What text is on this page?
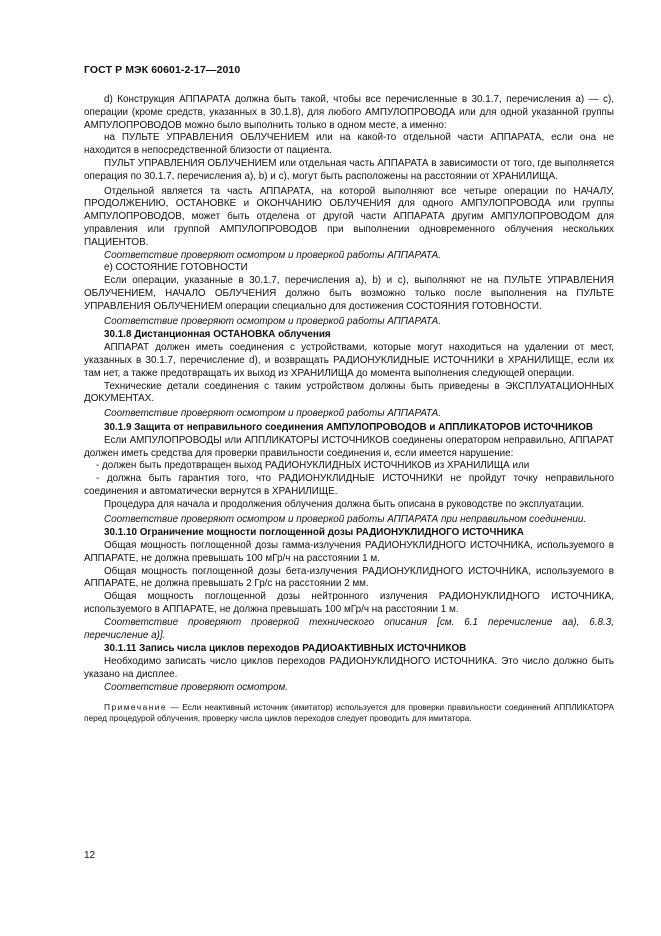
ГОСТ Р МЭК 60601-2-17—2010

d) Конструкция АППАРАТА должна быть такой, чтобы все перечисленные в 30.1.7, перечисления а) — с), операции (кроме средств, указанных в 30.1.8), для любого АМПУЛОПРОВОДА или для одной указанной группы АМПУЛОПРОВОДОВ можно было выполнить только в одном месте, а именно:

на ПУЛЬТЕ УПРАВЛЕНИЯ ОБЛУЧЕНИЕМ или на какой-то отдельной части АППАРАТА, если она не находится в непосредственной близости от пациента.

ПУЛЬТ УПРАВЛЕНИЯ ОБЛУЧЕНИЕМ или отдельная часть АППАРАТА в зависимости от того, где выполняется операция по 30.1.7, перечисления а), b) и с), могут быть расположены на расстоянии от ХРАНИЛИЩА.

Отдельной является та часть АППАРАТА, на которой выполняют все четыре операции по НАЧАЛУ, ПРОДОЛЖЕНИЮ, ОСТАНОВКЕ и ОКОНЧАНИЮ ОБЛУЧЕНИЯ для одного АМПУЛОПРОВОДА или группы АМПУЛОПРОВОДОВ, может быть отделена от другой части АППАРАТА другим АМПУЛОПРОВОДОМ для управления или группой АМПУЛОПРОВОДОВ при выполнении одновременного облучения нескольких ПАЦИЕНТОВ.

Соответствие проверяют осмотром и проверкой работы АППАРАТА.

е) СОСТОЯНИЕ ГОТОВНОСТИ

Если операции, указанные в 30.1.7, перечисления а), b) и с), выполняют не на ПУЛЬТЕ УПРАВЛЕНИЯ ОБЛУЧЕНИЕМ, НАЧАЛО ОБЛУЧЕНИЯ должно быть возможно только после выполнения на ПУЛЬТЕ УПРАВЛЕНИЯ ОБЛУЧЕНИЕМ операции специально для достижения СОСТОЯНИЯ ГОТОВНОСТИ.

Соответствие проверяют осмотром и проверкой работы АППАРАТА.

30.1.8 Дистанционная ОСТАНОВКА облучения

АППАРАТ должен иметь соединения с устройствами, которые могут находиться на удалении от мест, указанных в 30.1.7, перечисление d), и возвращать РАДИОНУКЛИДНЫЕ ИСТОЧНИКИ в ХРАНИЛИЩЕ, если их там нет, а также предотвращать их выход из ХРАНИЛИЩА до момента выполнения следующей операции.

Технические детали соединения с таким устройством должны быть приведены в ЭКСПЛУАТАЦИОННЫХ ДОКУМЕНТАХ.

Соответствие проверяют осмотром и проверкой работы АППАРАТА.

30.1.9 Защита от неправильного соединения АМПУЛОПРОВОДОВ и АППЛИКАТОРОВ ИСТОЧНИКОВ

Если АМПУЛОПРОВОДЫ или АППЛИКАТОРЫ ИСТОЧНИКОВ соединены оператором неправильно, АППАРАТ должен иметь средства для проверки правильности соединения и, если имеется нарушение:

- должен быть предотвращен выход РАДИОНУКЛИДНЫХ ИСТОЧНИКОВ из ХРАНИЛИЩА или

- должна быть гарантия того, что РАДИОНУКЛИДНЫЕ ИСТОЧНИКИ не пройдут точку неправильного соединения и автоматически вернутся в ХРАНИЛИЩЕ.

Процедура для начала и продолжения облучения должна быть описана в руководстве по эксплуатации.

Соответствие проверяют осмотром и проверкой работы АППАРАТА при неправильном соединении.

30.1.10 Ограничение мощности поглощенной дозы РАДИОНУКЛИДНОГО ИСТОЧНИКА

Общая мощность поглощенной дозы гамма-излучения РАДИОНУКЛИДНОГО ИСТОЧНИКА, используемого в АППАРАТЕ, не должна превышать 100 мГр/ч на расстоянии 1 м.

Общая мощность поглощенной дозы бета-излучения РАДИОНУКЛИДНОГО ИСТОЧНИКА, используемого в АППАРАТЕ, не должна превышать 2 Гр/с на расстоянии 2 мм.

Общая мощность поглощенной дозы нейтронного излучения РАДИОНУКЛИДНОГО ИСТОЧНИКА, используемого в АППАРАТЕ, не должна превышать 100 мГр/ч на расстоянии 1 м.

Соответствие проверяют проверкой технического описания [см. 6.1 перечисление аа), 6.8.3, перечисление а)].

30.1.11 Запись числа циклов переходов РАДИОАКТИВНЫХ ИСТОЧНИКОВ

Необходимо записать число циклов переходов РАДИОНУКЛИДНОГО ИСТОЧНИКА. Это число должно быть указано на дисплее.

Соответствие проверяют осмотром.

Примечание — Если неактивный источник (имитатор) используется для проверки правильности соединений АППЛИКАТОРА перед процедурой облучения, проверку числа циклов переходов следует проводить для имитатора.

12
